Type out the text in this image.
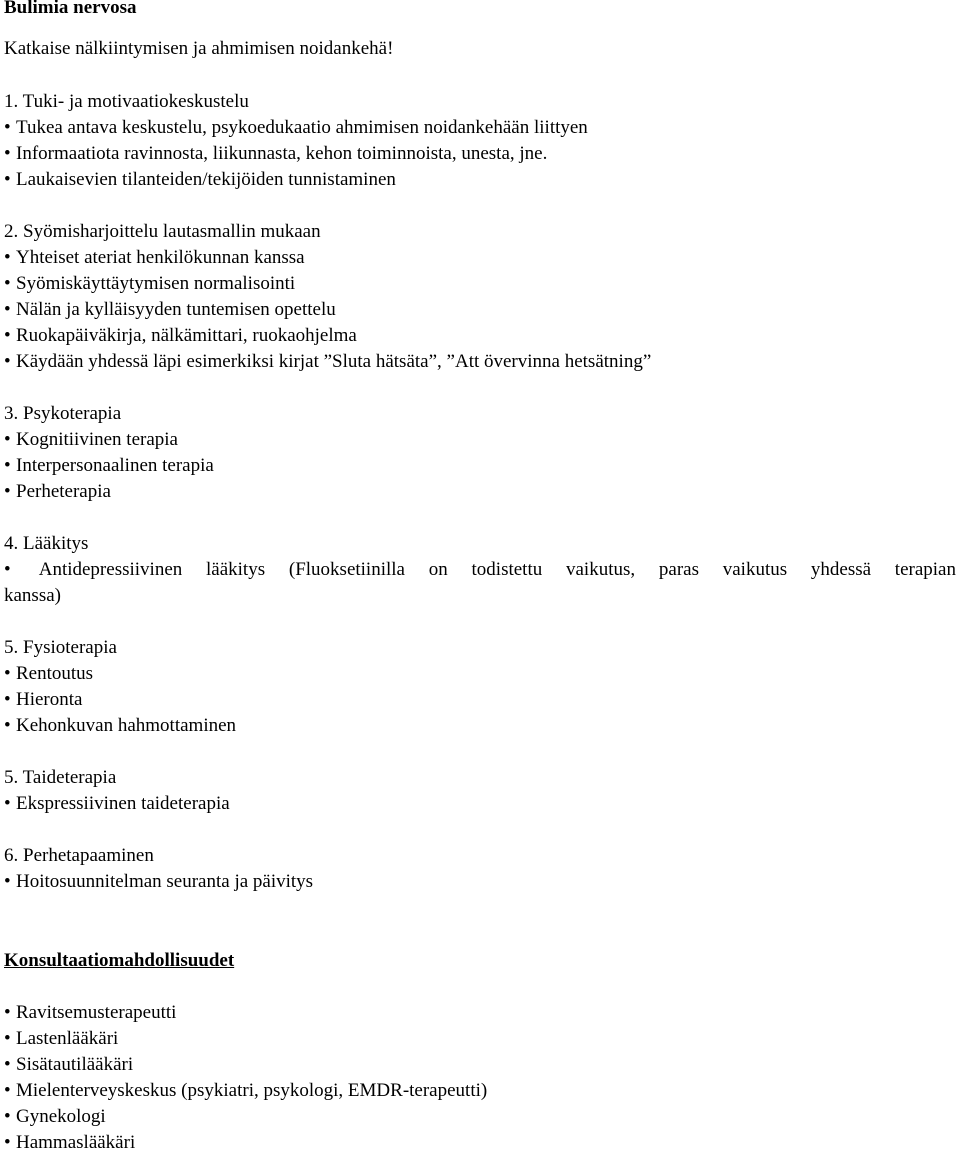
Bulimia nervosa
Katkaise nälkiintymisen ja ahmimisen noidankehä!
1. Tuki- ja motivaatiokeskustelu
• Tukea antava keskustelu, psykoedukaatio ahmimisen noidankehään liittyen
• Informaatiota ravinnosta, liikunnasta, kehon toiminnoista, unesta, jne.
• Laukaisevien tilanteiden/tekijöiden tunnistaminen
2. Syömisharjoittelu lautasmallin mukaan
• Yhteiset ateriat henkilökunnan kanssa
• Syömiskäyttäytymisen normalisointi
• Nälän ja kylläisyyden tuntemisen opettelu
• Ruokapäiväkirja, nälkämittari, ruokaohjelma
• Käydään yhdessä läpi esimerkiksi kirjat ”Sluta hätsäta”, ”Att övervinna hetsätning”
3. Psykoterapia
• Kognitiivinen terapia
• Interpersonaalinen terapia
• Perheterapia
4. Lääkitys
• Antidepressiivinen lääkitys (Fluoksetiinilla on todistettu vaikutus, paras vaikutus yhdessä terapian
kanssa)
5. Fysioterapia
• Rentoutus
• Hieronta
• Kehonkuvan hahmottaminen
5. Taideterapia
• Ekspressiivinen taideterapia
6. Perhetapaaminen
• Hoitosuunnitelman seuranta ja päivitys
Konsultaatiomahdollisuudet
• Ravitsemusterapeutti
• Lastenlääkäri
• Sisätautilääkäri
• Mielenterveyskeskus (psykiatri, psykologi, EMDR-terapeutti)
• Gynekologi
• Hammaslääkäri
